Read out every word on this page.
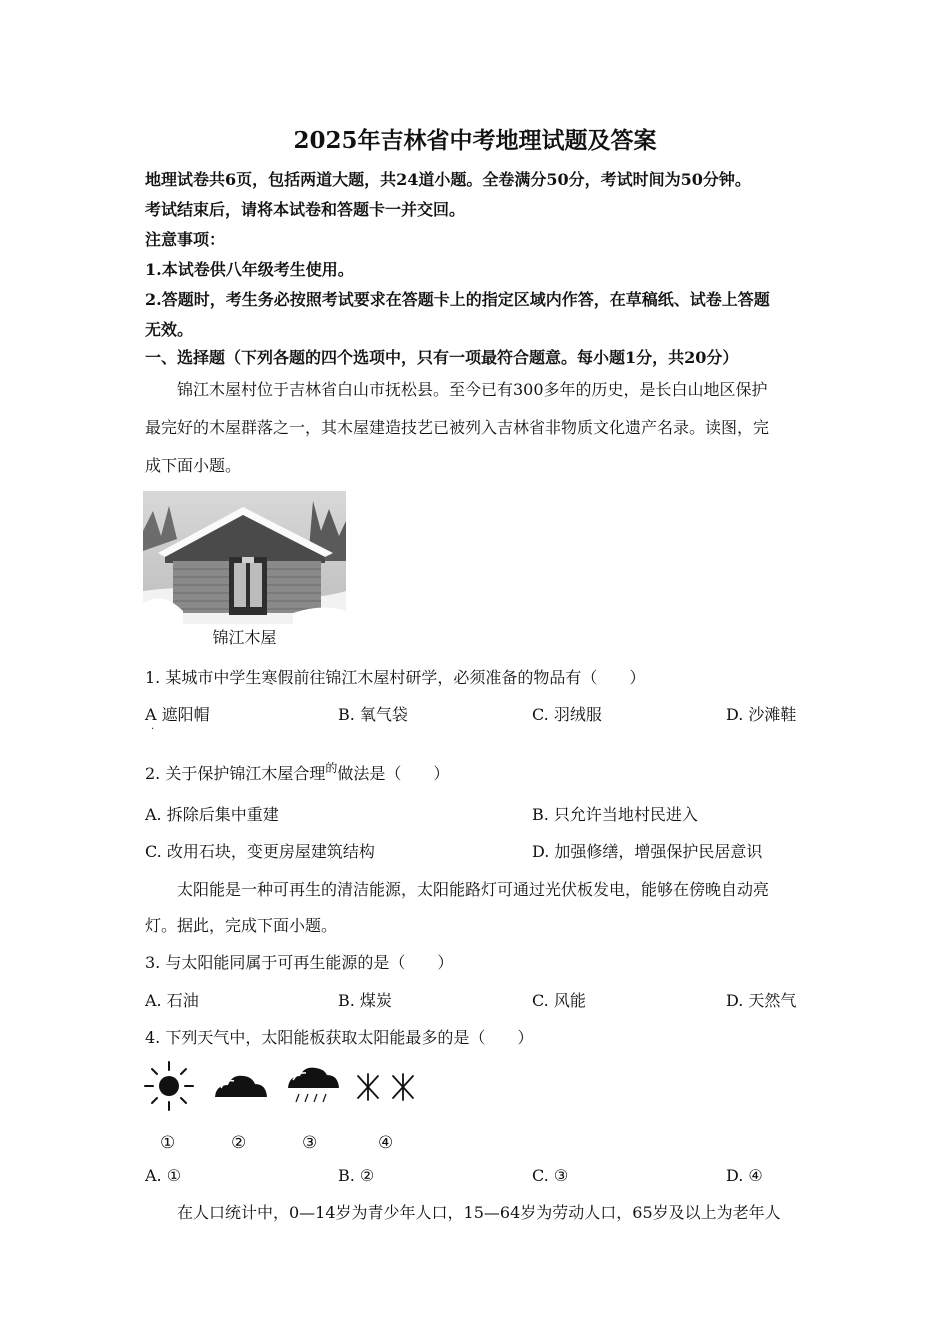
2025年吉林省中考地理试题及答案
地理试卷共6页，包括两道大题，共24道小题。全卷满分50分，考试时间为50分钟。
考试结束后，请将本试卷和答题卡一并交回。
注意事项：
1.本试卷供八年级考生使用。
2.答题时，考生务必按照考试要求在答题卡上的指定区域内作答，在草稿纸、试卷上答题
无效。
一、选择题（下列各题的四个选项中，只有一项最符合题意。每小题1分，共20分）
锦江木屋村位于吉林省白山市抚松县。至今已有300多年的历史，是长白山地区保护
最完好的木屋群落之一，其木屋建造技艺已被列入吉林省非物质文化遗产名录。读图，完
成下面小题。
锦江木屋
1. 某城市中学生寒假前往锦江木屋村研学，必须准备的物品有（　　）
A 遮阳帽	B. 氧气袋	C. 羽绒服	D. 沙滩鞋
.
2. 关于保护锦江木屋合理$^的$做法是（　　）
A. 拆除后集中重建	B. 只允许当地村民进入
C. 改用石块，变更房屋建筑结构	D. 加强修缮，增强保护民居意识
太阳能是一种可再生的清洁能源，太阳能路灯可通过光伏板发电，能够在傍晚自动亮
灯。据此，完成下面小题。
3. 与太阳能同属于可再生能源的是（　　）
A. 石油	B. 煤炭	C. 风能	D. 天然气
4. 下列天气中，太阳能板获取太阳能最多的是（　　）
①	②	③	④
A. ①	B. ②	C. ③	D. ④
在人口统计中，0—14岁为青少年人口，15—64岁为劳动人口，65岁及以上为老年人
